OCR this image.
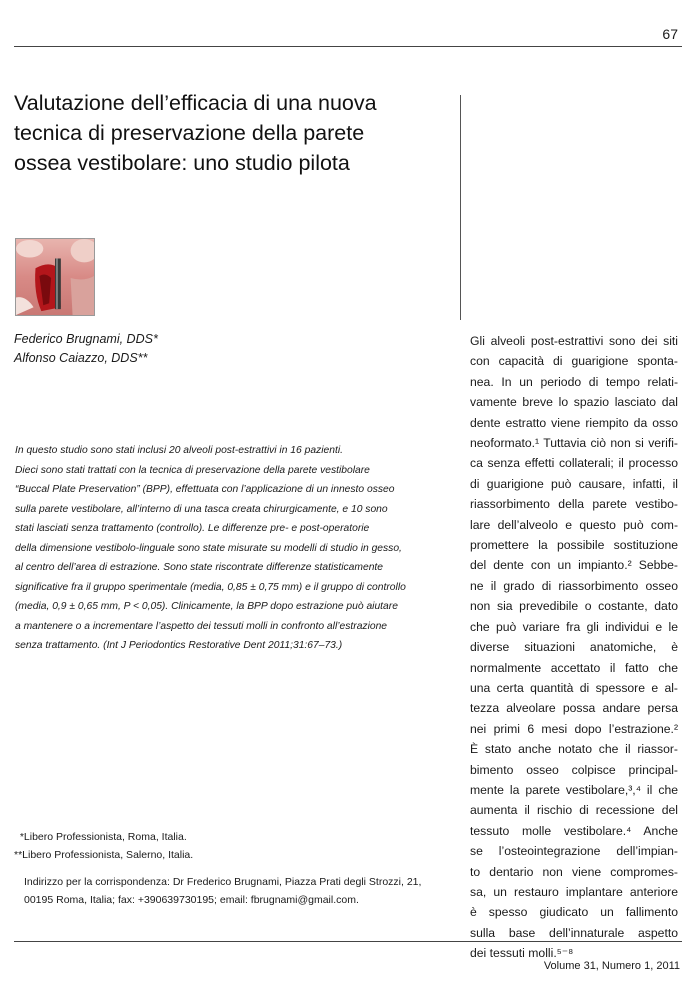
67
Valutazione dell’efficacia di una nuova
tecnica di preservazione della parete
ossea vestibolare: uno studio pilota
Federico Brugnami, DDS*
Alfonso Caiazzo, DDS**
In questo studio sono stati inclusi 20 alveoli post-estrattivi in 16 pazienti.
Dieci sono stati trattati con la tecnica di preservazione della parete vestibolare
“Buccal Plate Preservation” (BPP), effettuata con l’applicazione di un innesto osseo
sulla parete vestibolare, all’interno di una tasca creata chirurgicamente, e 10 sono
stati lasciati senza trattamento (controllo). Le differenze pre- e post-operatorie
della dimensione vestibolo-linguale sono state misurate su modelli di studio in gesso,
al centro dell’area di estrazione. Sono state riscontrate differenze statisticamente
significative fra il gruppo sperimentale (media, 0,85 ± 0,75 mm) e il gruppo di controllo
(media, 0,9 ± 0,65 mm, P < 0,05). Clinicamente, la BPP dopo estrazione può aiutare
a mantenere o a incrementare l’aspetto dei tessuti molli in confronto all’estrazione
senza trattamento. (Int J Periodontics Restorative Dent 2011;31:67–73.)
*Libero Professionista, Roma, Italia.
**Libero Professionista, Salerno, Italia.
Indirizzo per la corrispondenza: Dr Frederico Brugnami, Piazza Prati degli Strozzi, 21,
00195 Roma, Italia; fax: +390639730195; email: fbrugnami@gmail.com.
Gli alveoli post-estrattivi sono dei siti
con capacità di guarigione sponta-
nea. In un periodo di tempo relati-
vamente breve lo spazio lasciato dal
dente estratto viene riempito da osso
neoformato.¹ Tuttavia ciò non si verifi-
ca senza effetti collaterali; il processo
di guarigione può causare, infatti, il
riassorbimento della parete vestibo-
lare dell’alveolo e questo può com-
promettere la possibile sostituzione
del dente con un impianto.² Sebbe-
ne il grado di riassorbimento osseo
non sia prevedibile o costante, dato
che può variare fra gli individui e le
diverse situazioni anatomiche, è
normalmente accettato il fatto che
una certa quantità di spessore e al-
tezza alveolare possa andare persa
nei primi 6 mesi dopo l’estrazione.²
È stato anche notato che il riassor-
bimento osseo colpisce principal-
mente la parete vestibolare,³,⁴ il che
aumenta il rischio di recessione del
tessuto molle vestibolare.⁴ Anche
se l’osteointegrazione dell’impian-
to dentario non viene compromes-
sa, un restauro implantare anteriore
è spesso giudicato un fallimento
sulla base dell’innaturale aspetto
dei tessuti molli.⁵⁻⁸
Volume 31, Numero 1, 2011
